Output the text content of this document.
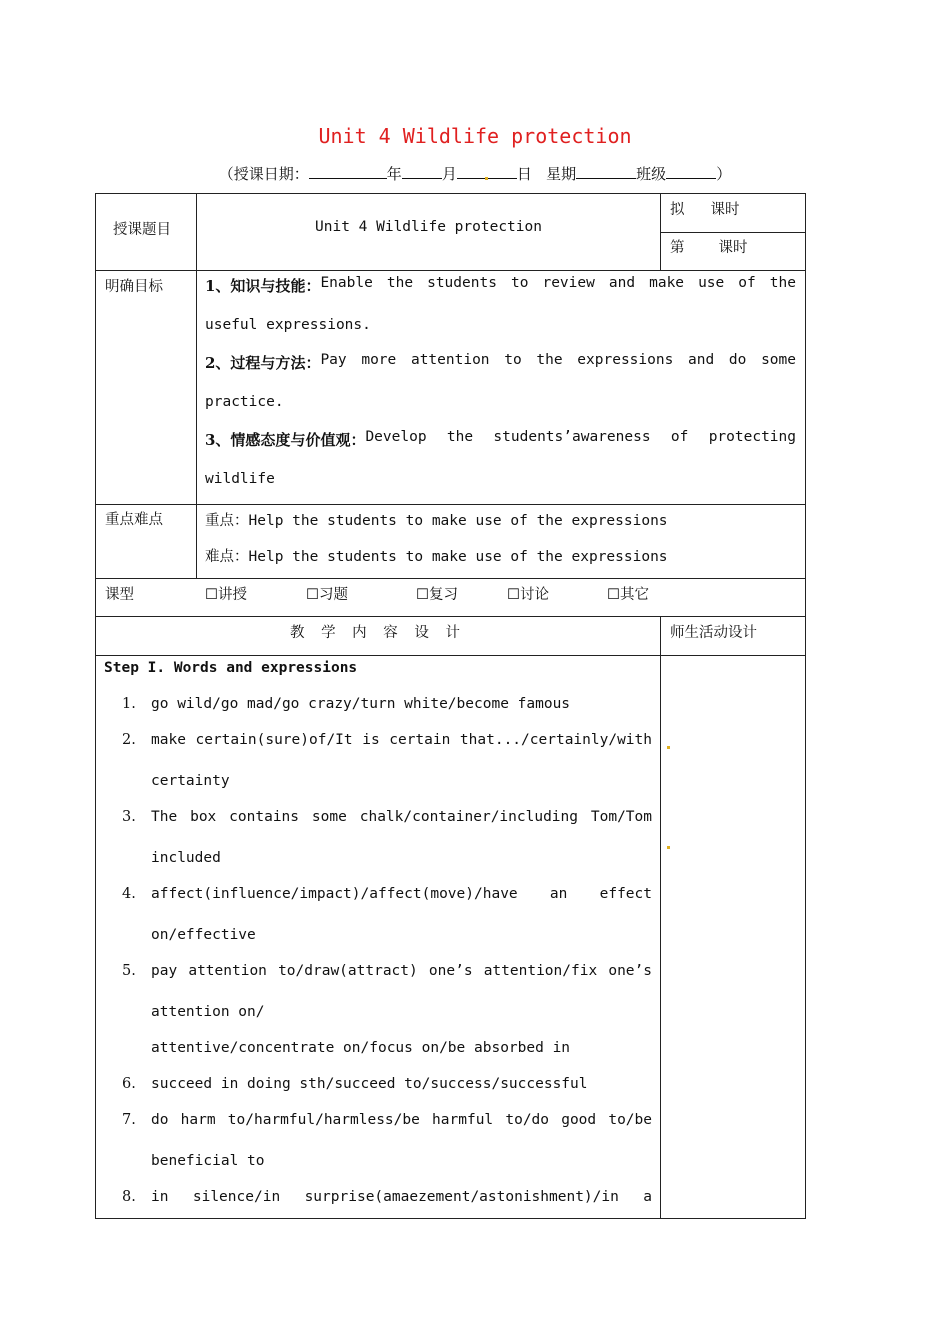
Unit 4 Wildlife protection
（授课日期：	年	月	日 星期	班级	）
授课题目	Unit 4 Wildlife protection
拟 课时
第 课时
明确目标	1、知识与技能： Enable the students to review and make use of the
useful expressions.
2、过程与方法： Pay more attention to the expressions and do some
practice.
3、情感态度与价值观： Develop the students’awareness of protecting
wildlife
重点难点	重点：Help the students to make use of the expressions
难点：Help the students to make use of the expressions
课型	☐讲授	☐习题	☐复习	☐讨论	☐其它
教 学 内 容 设 计	师生活动设计
Step I. Words and expressions
1. go wild/go mad/go crazy/turn white/become famous
2. make certain(sure)of/It is certain that.../certainly/with
certainty
3. The box contains some chalk/container/including Tom/Tom
included
4. affect(influence/impact)/affect(move)/have an effect
on/effective
5. pay attention to/draw(attract) one’s attention/fix one’s
attention on/
attentive/concentrate on/focus on/be absorbed in
6. succeed in doing sth/succeed to/success/successful
7. do harm to/harmful/harmless/be harmful to/do good to/be
beneficial to
8. in silence/in surprise(amaezement/astonishment)/in a
